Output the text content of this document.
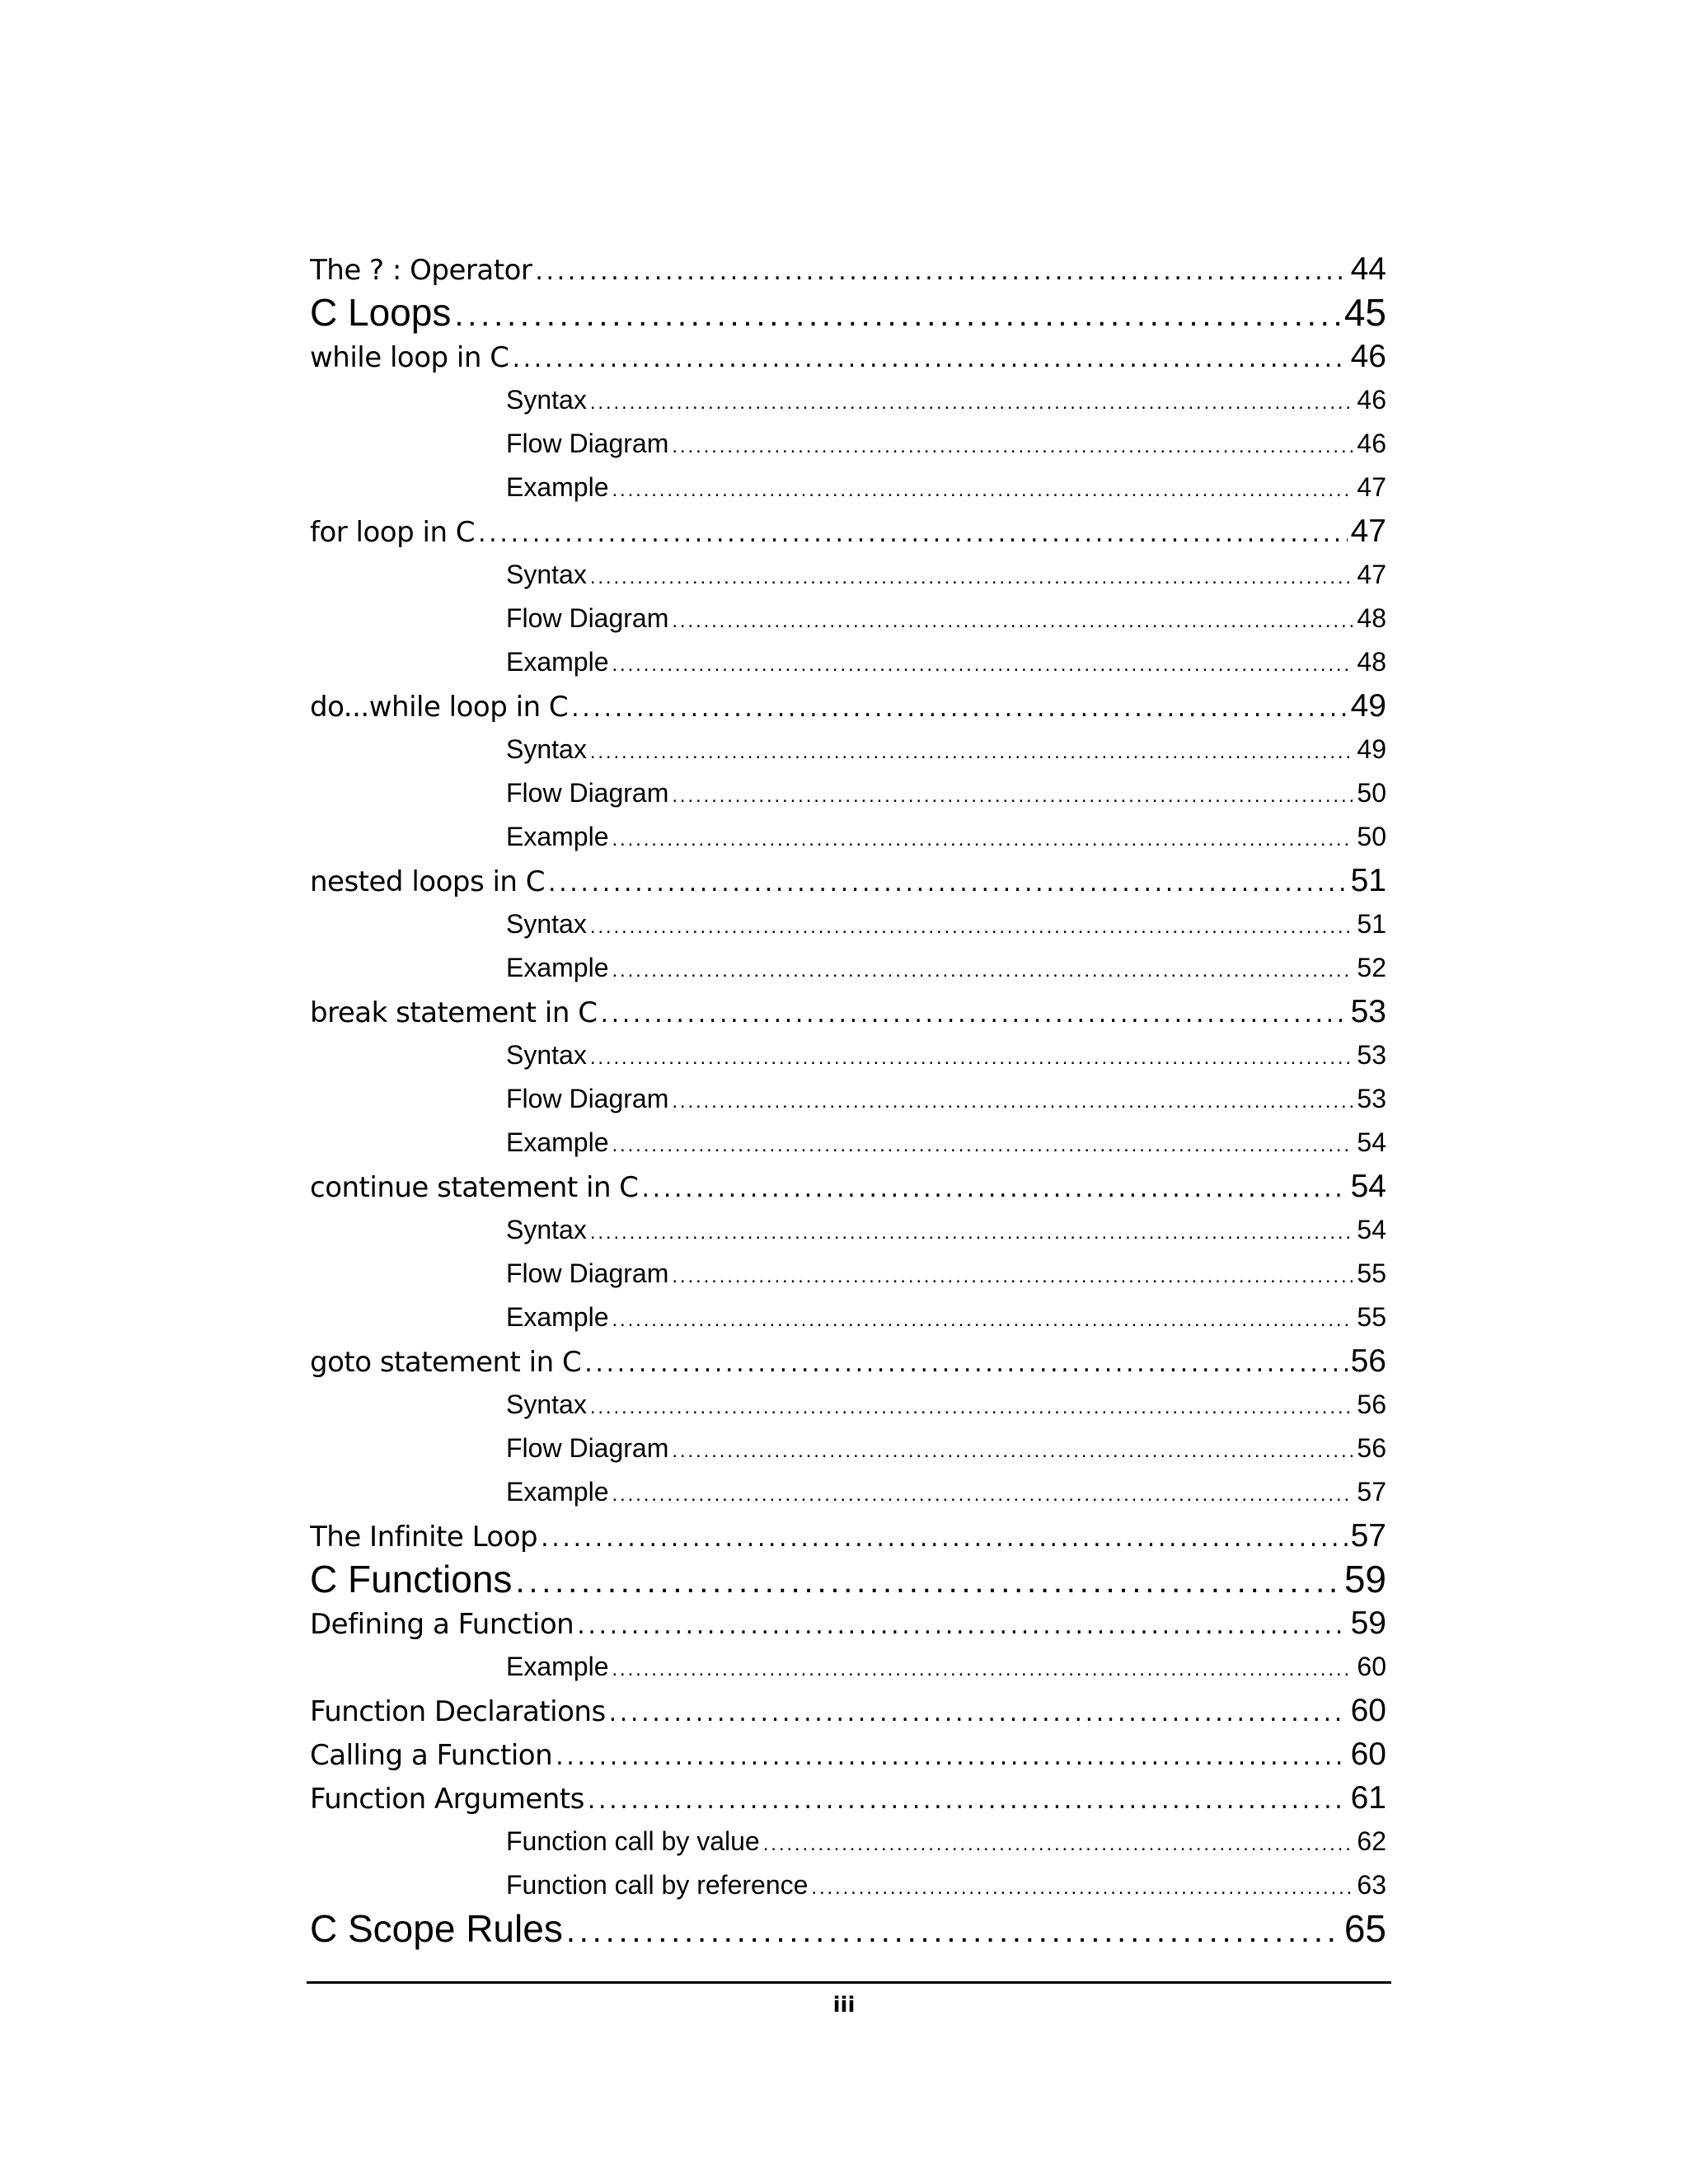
The ? : Operator .....	44
C Loops .....	45
while loop in C .....	46
Syntax .....	46
Flow Diagram .....	46
Example .....	47
for loop in C .....	47
Syntax .....	47
Flow Diagram .....	48
Example .....	48
do...while loop in C .....	49
Syntax .....	49
Flow Diagram .....	50
Example .....	50
nested loops in C .....	51
Syntax .....	51
Example .....	52
break statement in C .....	53
Syntax .....	53
Flow Diagram .....	53
Example .....	54
continue statement in C .....	54
Syntax .....	54
Flow Diagram .....	55
Example .....	55
goto statement in C .....	56
Syntax .....	56
Flow Diagram .....	56
Example .....	57
The Infinite Loop .....	57
C Functions .....	59
Defining a Function .....	59
Example .....	60
Function Declarations .....	60
Calling a Function .....	60
Function Arguments .....	61
Function call by value .....	62
Function call by reference .....	63
C Scope Rules .....	65
iii
